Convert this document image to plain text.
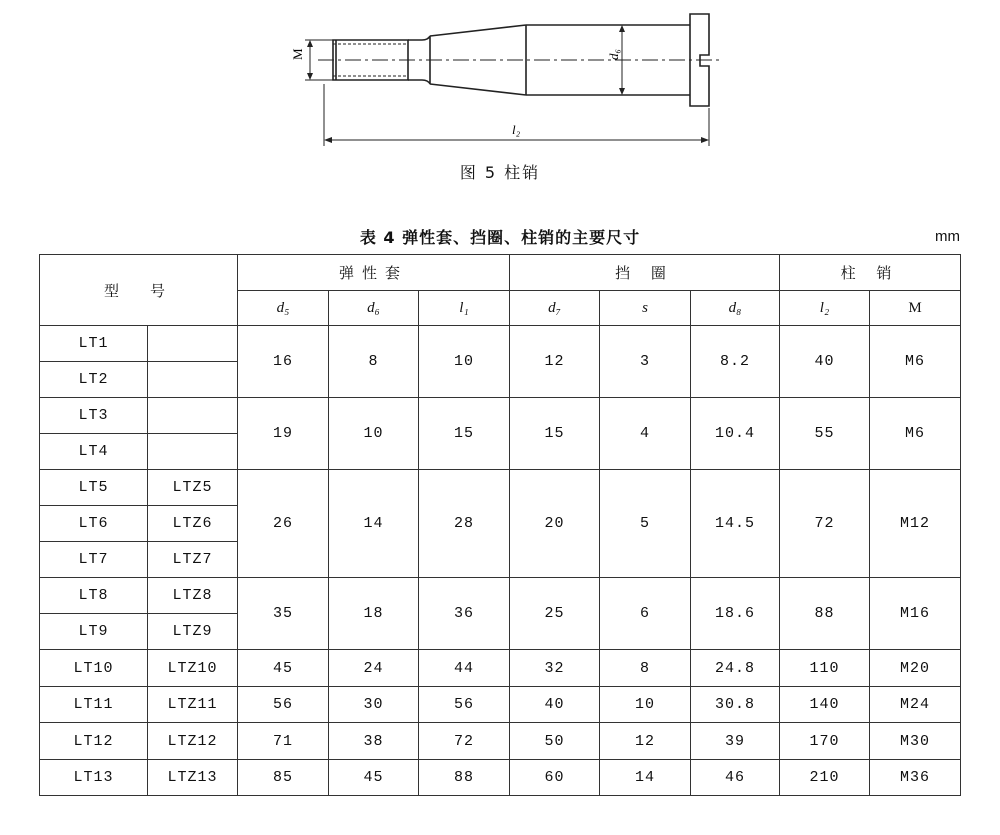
M	d₆
l₂
图 5 柱销
表 4 弹性套、挡圈、柱销的主要尺寸	mm
型　号		弹性套			挡 圈			柱 销	
		d₅	d₆	l₁	d₇	s	d₈	l₂	M
LT1		16	8	10	12	3	8.2	40	M6
LT2									
LT3		19	10	15	15	4	10.4	55	M6
LT4									
LT5	LTZ5	26	14	28	20	5	14.5	72	M12
LT6	LTZ6								
LT7	LTZ7								
LT8	LTZ8	35	18	36	25	6	18.6	88	M16
LT9	LTZ9								
LT10	LTZ10	45	24	44	32	8	24.8	110	M20
LT11	LTZ11	56	30	56	40	10	30.8	140	M24
LT12	LTZ12	71	38	72	50	12	39	170	M30
LT13	LTZ13	85	45	88	60	14	46	210	M36
